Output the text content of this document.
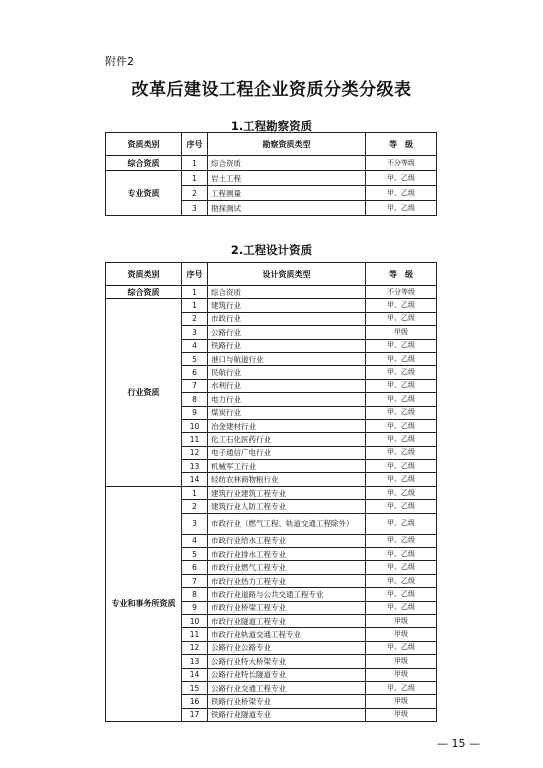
附件2
改革后建设工程企业资质分类分级表
1.工程勘察资质
资质类别	序号	勘察资质类型	等　级
综合资质	1	综合资质	不分等级
专业资质	1	岩土工程	甲、乙级
	2	工程测量	甲、乙级
	3	勘探测试	甲、乙级
2.工程设计资质
资质类别	序号	设计资质类型	等　级
综合资质	1	综合资质	不分等级
行业资质	1	建筑行业	甲、乙级
	2	市政行业	甲、乙级
	3	公路行业	甲级
	4	铁路行业	甲、乙级
	5	港口与航道行业	甲、乙级
	6	民航行业	甲、乙级
	7	水利行业	甲、乙级
	8	电力行业	甲、乙级
	9	煤炭行业	甲、乙级
	10	冶金建材行业	甲、乙级
	11	化工石化医药行业	甲、乙级
	12	电子通信广电行业	甲、乙级
	13	机械军工行业	甲、乙级
	14	轻纺农林商物粮行业	甲、乙级
专业和事务所资质	1	建筑行业建筑工程专业	甲、乙级
	2	建筑行业人防工程专业	甲、乙级
	3	市政行业（燃气工程、轨道交通工程除外）	甲、乙级
	4	市政行业给水工程专业	甲、乙级
	5	市政行业排水工程专业	甲、乙级
	6	市政行业燃气工程专业	甲、乙级
	7	市政行业热力工程专业	甲、乙级
	8	市政行业道路与公共交通工程专业	甲、乙级
	9	市政行业桥梁工程专业	甲、乙级
	10	市政行业隧道工程专业	甲级
	11	市政行业轨道交通工程专业	甲级
	12	公路行业公路专业	甲、乙级
	13	公路行业特大桥梁专业	甲级
	14	公路行业特长隧道专业	甲级
	15	公路行业交通工程专业	甲、乙级
	16	铁路行业桥梁专业	甲级
	17	铁路行业隧道专业	甲级
— 15 —
